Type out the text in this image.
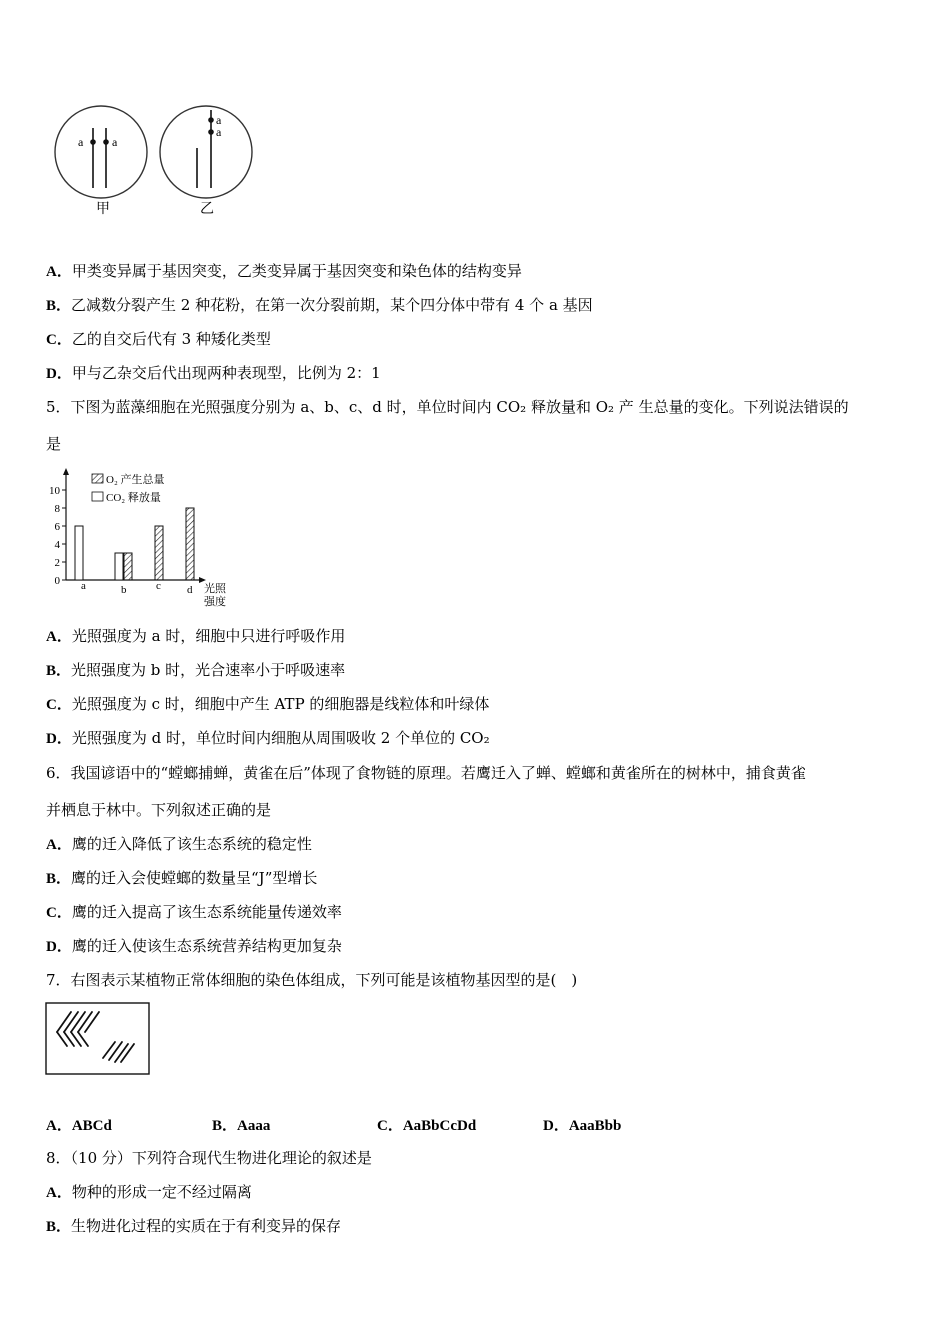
a a
a
a
甲	乙
A．甲类变异属于基因突变，乙类变异属于基因突变和染色体的结构变异
B．乙减数分裂产生 2 种花粉，在第一次分裂前期，某个四分体中带有 4 个 a 基因
C．乙的自交后代有 3 种矮化类型
D．甲与乙杂交后代出现两种表现型，比例为 2：1
5．下图为蓝藻细胞在光照强度分别为 a、b、c、d 时，单位时间内 CO₂ 释放量和 O₂ 产 生总量的变化。下列说法错误的
是
0
2
4
6
8
10
a	b	c d
O₂ 产生总量
CO₂ 释放量
光照
强度
A．光照强度为 a 时，细胞中只进行呼吸作用
B．光照强度为 b 时，光合速率小于呼吸速率
C．光照强度为 c 时，细胞中产生 ATP 的细胞器是线粒体和叶绿体
D．光照强度为 d 时，单位时间内细胞从周围吸收 2 个单位的 CO₂
6．我国谚语中的“螳螂捕蝉，黄雀在后”体现了食物链的原理。若鹰迁入了蝉、螳螂和黄雀所在的树林中，捕食黄雀
并栖息于林中。下列叙述正确的是
A．鹰的迁入降低了该生态系统的稳定性
B．鹰的迁入会使螳螂的数量呈“J”型增长
C．鹰的迁入提高了该生态系统能量传递效率
D．鹰的迁入使该生态系统营养结构更加复杂
7．右图表示某植物正常体细胞的染色体组成，下列可能是该植物基因型的是(　)
A．ABCd	B．Aaaa	C．AaBbCcDd	D．AaaBbb
8．（10 分）下列符合现代生物进化理论的叙述是
A．物种的形成一定不经过隔离
B．生物进化过程的实质在于有利变异的保存
